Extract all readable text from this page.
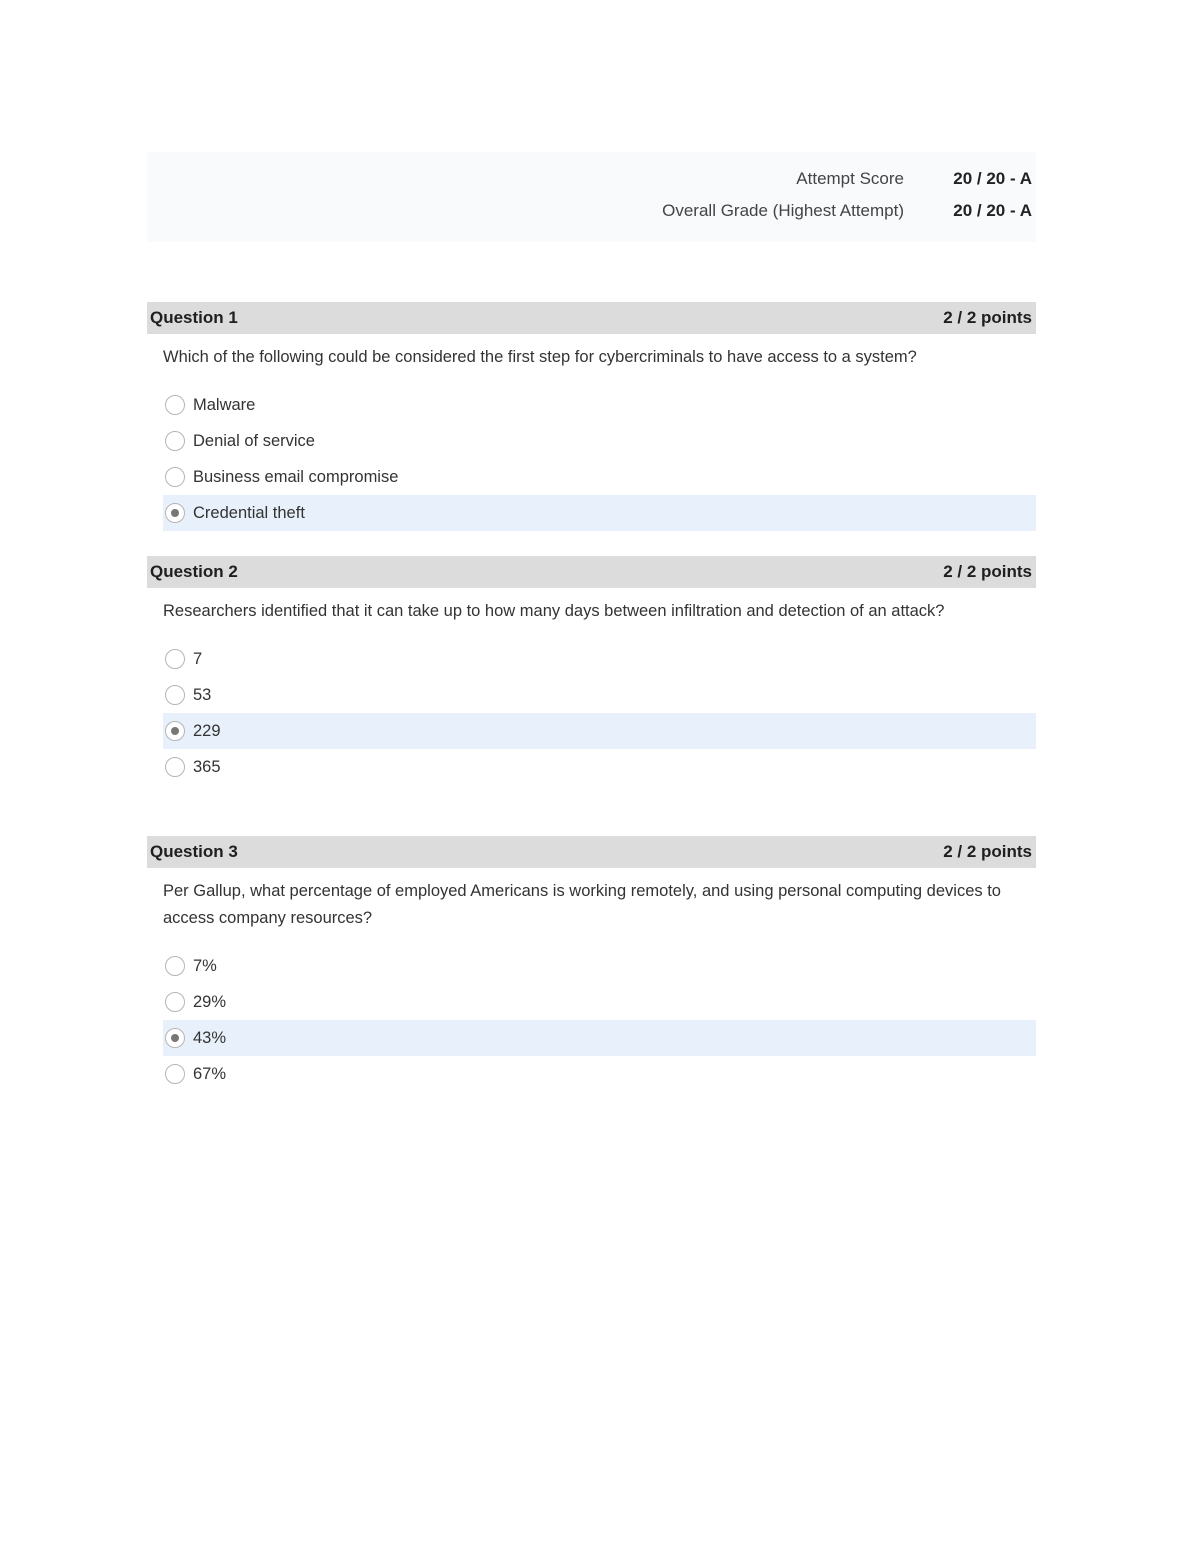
Attempt Score	20 / 20 - A
Overall Grade (Highest Attempt)	20 / 20 - A
Question 1	2 / 2 points
Which of the following could be considered the first step for cybercriminals to have access to a system?
Malware
Denial of service
Business email compromise
Credential theft
Question 2	2 / 2 points
Researchers identified that it can take up to how many days between infiltration and detection of an attack?
7
53
229
365
Question 3	2 / 2 points
Per Gallup, what percentage of employed Americans is working remotely, and using personal computing devices to access company resources?
7%
29%
43%
67%
